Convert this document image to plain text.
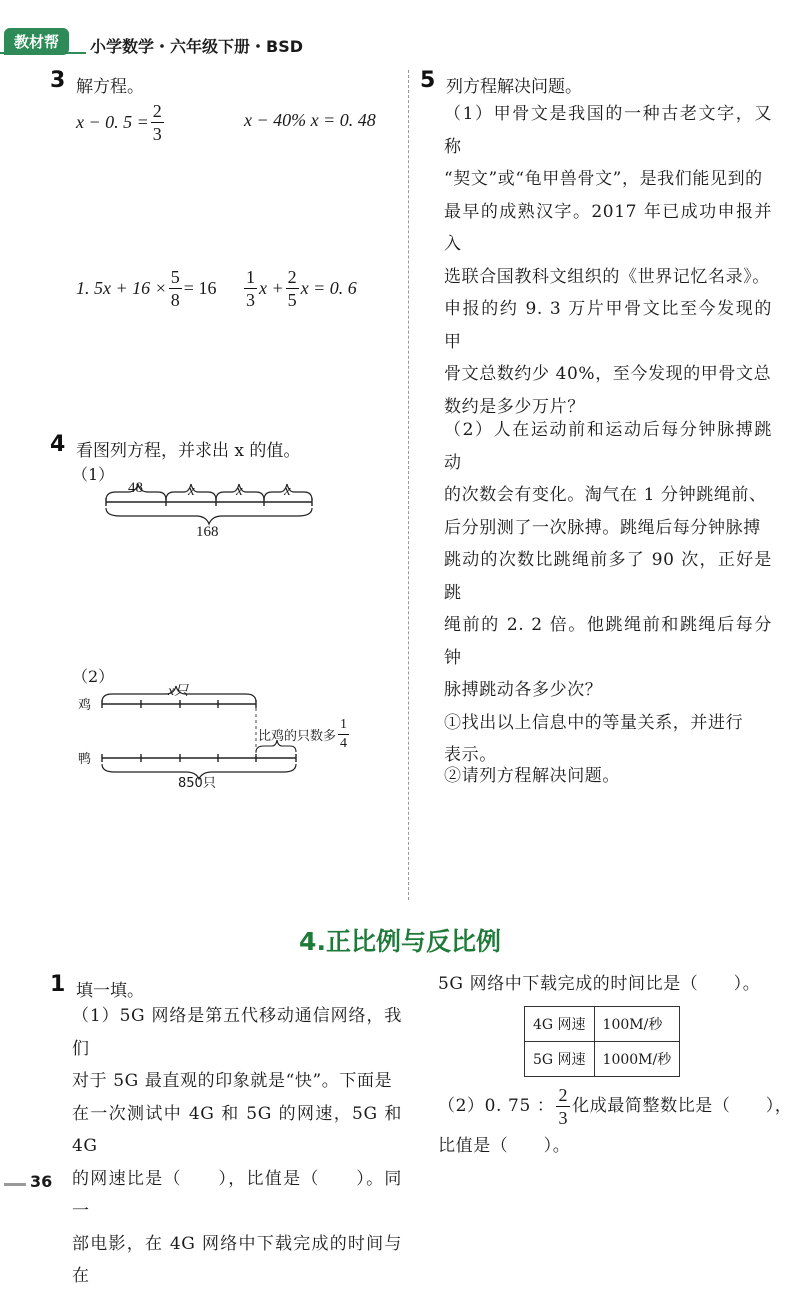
教材帮	小学数学・六年级下册・BSD
3 解方程。
x − 0. $5 = \frac{2}{3}$	x − 40% x = 0. 48
1. $5x + 16 \times \frac{5}{8} = 16 \frac{1}{3}$ $x + \frac{2}{5}$ x = 0. 6
4 看图列方程，并求出 x 的值。
（1）
48	x	x	x
168
（2）
鸡
鸭
x只
比鸡的只数多 $\frac{1}{4}$
850只
5 列方程解决问题。
（1）甲骨文是我国的一种古老文字，又称
“契文”或“龟甲兽骨文”，是我们能见到的
最早的成熟汉字。2017 年已成功申报并入
选联合国教科文组织的《世界记忆名录》。
申报的约 9. 3 万片甲骨文比至今发现的甲
骨文总数约少 40%，至今发现的甲骨文总
数约是多少万片？
（2）人在运动前和运动后每分钟脉搏跳动
的次数会有变化。淘气在 1 分钟跳绳前、
后分别测了一次脉搏。跳绳后每分钟脉搏
跳动的次数比跳绳前多了 90 次，正好是跳
绳前的 2. 2 倍。他跳绳前和跳绳后每分钟
脉搏跳动各多少次？
①找出以上信息中的等量关系，并进行
表示。
②请列方程解决问题。
4.正比例与反比例
1 填一填。
（1）5G 网络是第五代移动通信网络，我们
对于 5G 最直观的印象就是“快”。下面是
在一次测试中 4G 和 5G 的网速，5G 和 4G
的网速比是（　　），比值是（　　）。同一
部电影，在 4G 网络中下载完成的时间与在
5G 网络中下载完成的时间比是（　　）。
4G 网速	100M/秒
5G 网速	1000M/秒
（2）0. 75 ： $\frac{2}{3}$ 化成最简整数比是（　　），
比值是（　　）。
36
